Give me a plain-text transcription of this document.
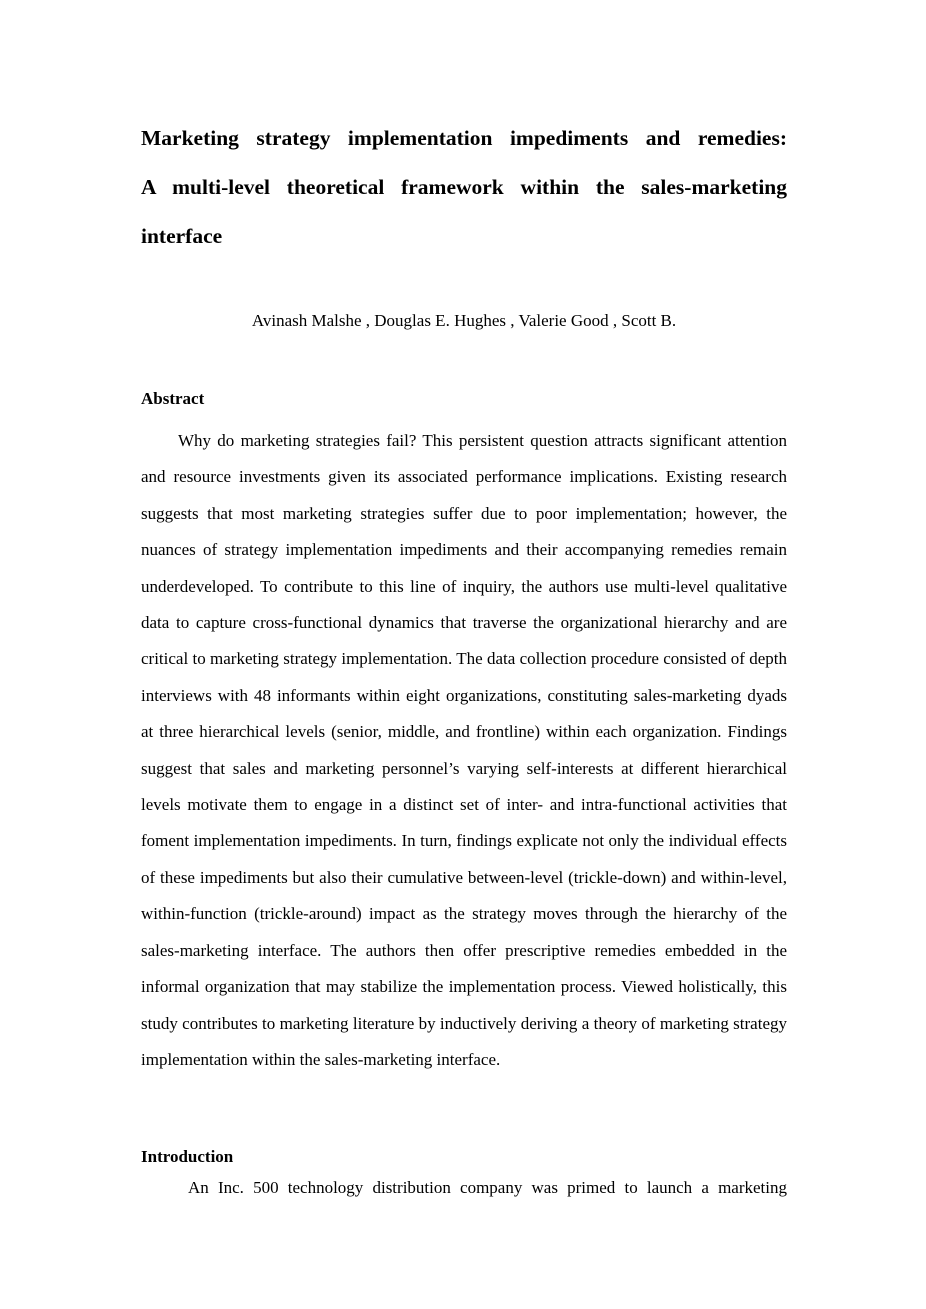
Marketing strategy implementation impediments and remedies:
A multi-level theoretical framework within the sales-marketing
interface
Avinash Malshe , Douglas E. Hughes , Valerie Good , Scott B.
Abstract

Why do marketing strategies fail? This persistent question attracts significant attention and resource investments given its associated performance implications. Existing research suggests that most marketing strategies suffer due to poor implementation; however, the nuances of strategy implementation impediments and their accompanying remedies remain underdeveloped. To contribute to this line of inquiry, the authors use multi-level qualitative data to capture cross-functional dynamics that traverse the organizational hierarchy and are critical to marketing strategy implementation. The data collection procedure consisted of depth interviews with 48 informants within eight organizations, constituting sales-marketing dyads at three hierarchical levels (senior, middle, and frontline) within each organization. Findings suggest that sales and marketing personnel’s varying self-interests at different hierarchical levels motivate them to engage in a distinct set of inter- and intra-functional activities that foment implementation impediments. In turn, findings explicate not only the individual effects of these impediments but also their cumulative between-level (trickle-down) and within-level, within-function (trickle-around) impact as the strategy moves through the hierarchy of the sales-marketing interface. The authors then offer prescriptive remedies embedded in the informal organization that may stabilize the implementation process. Viewed holistically, this study contributes to marketing literature by inductively deriving a theory of marketing strategy implementation within the sales-marketing interface.

Introduction

An Inc. 500 technology distribution company was primed to launch a marketing
